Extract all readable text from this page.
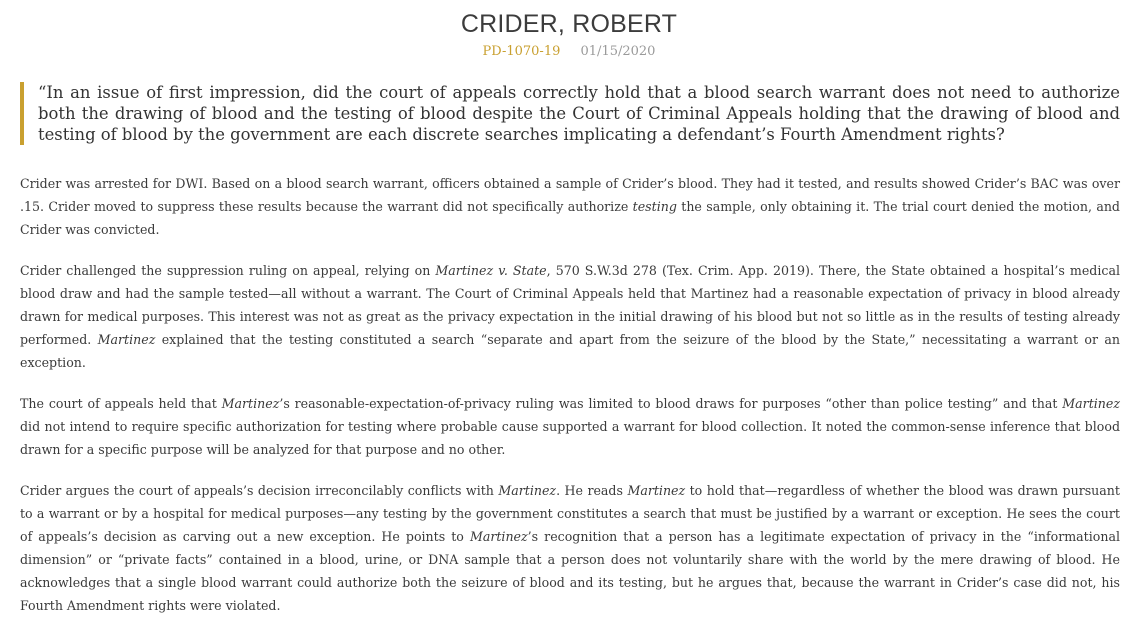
CRIDER, ROBERT
PD-1070-19 01/15/2020
“In an issue of first impression, did the court of appeals correctly hold that a blood search warrant does not need to authorize both the drawing of blood and the testing of blood despite the Court of Criminal Appeals holding that the drawing of blood and testing of blood by the government are each discrete searches implicating a defendant’s Fourth Amendment rights?

Crider was arrested for DWI. Based on a blood search warrant, officers obtained a sample of Crider’s blood. They had it tested, and results showed Crider’s BAC was over .15. Crider moved to suppress these results because the warrant did not specifically authorize testing the sample, only obtaining it. The trial court denied the motion, and Crider was convicted.

Crider challenged the suppression ruling on appeal, relying on Martinez v. State, 570 S.W.3d 278 (Tex. Crim. App. 2019). There, the State obtained a hospital’s medical blood draw and had the sample tested—all without a warrant. The Court of Criminal Appeals held that Martinez had a reasonable expectation of privacy in blood already drawn for medical purposes. This interest was not as great as the privacy expectation in the initial drawing of his blood but not so little as in the results of testing already performed. Martinez explained that the testing constituted a search “separate and apart from the seizure of the blood by the State,” necessitating a warrant or an exception.

The court of appeals held that Martinez’s reasonable-expectation-of-privacy ruling was limited to blood draws for purposes “other than police testing” and that Martinez did not intend to require specific authorization for testing where probable cause supported a warrant for blood collection. It noted the common-sense inference that blood drawn for a specific purpose will be analyzed for that purpose and no other.

Crider argues the court of appeals’s decision irreconcilably conflicts with Martinez. He reads Martinez to hold that—regardless of whether the blood was drawn pursuant to a warrant or by a hospital for medical purposes—any testing by the government constitutes a search that must be justified by a warrant or exception. He sees the court of appeals’s decision as carving out a new exception. He points to Martinez’s recognition that a person has a legitimate expectation of privacy in the “informational dimension” or “private facts” contained in a blood, urine, or DNA sample that a person does not voluntarily share with the world by the mere drawing of blood. He acknowledges that a single blood warrant could authorize both the seizure of blood and its testing, but he argues that, because the warrant in Crider’s case did not, his Fourth Amendment rights were violated.
